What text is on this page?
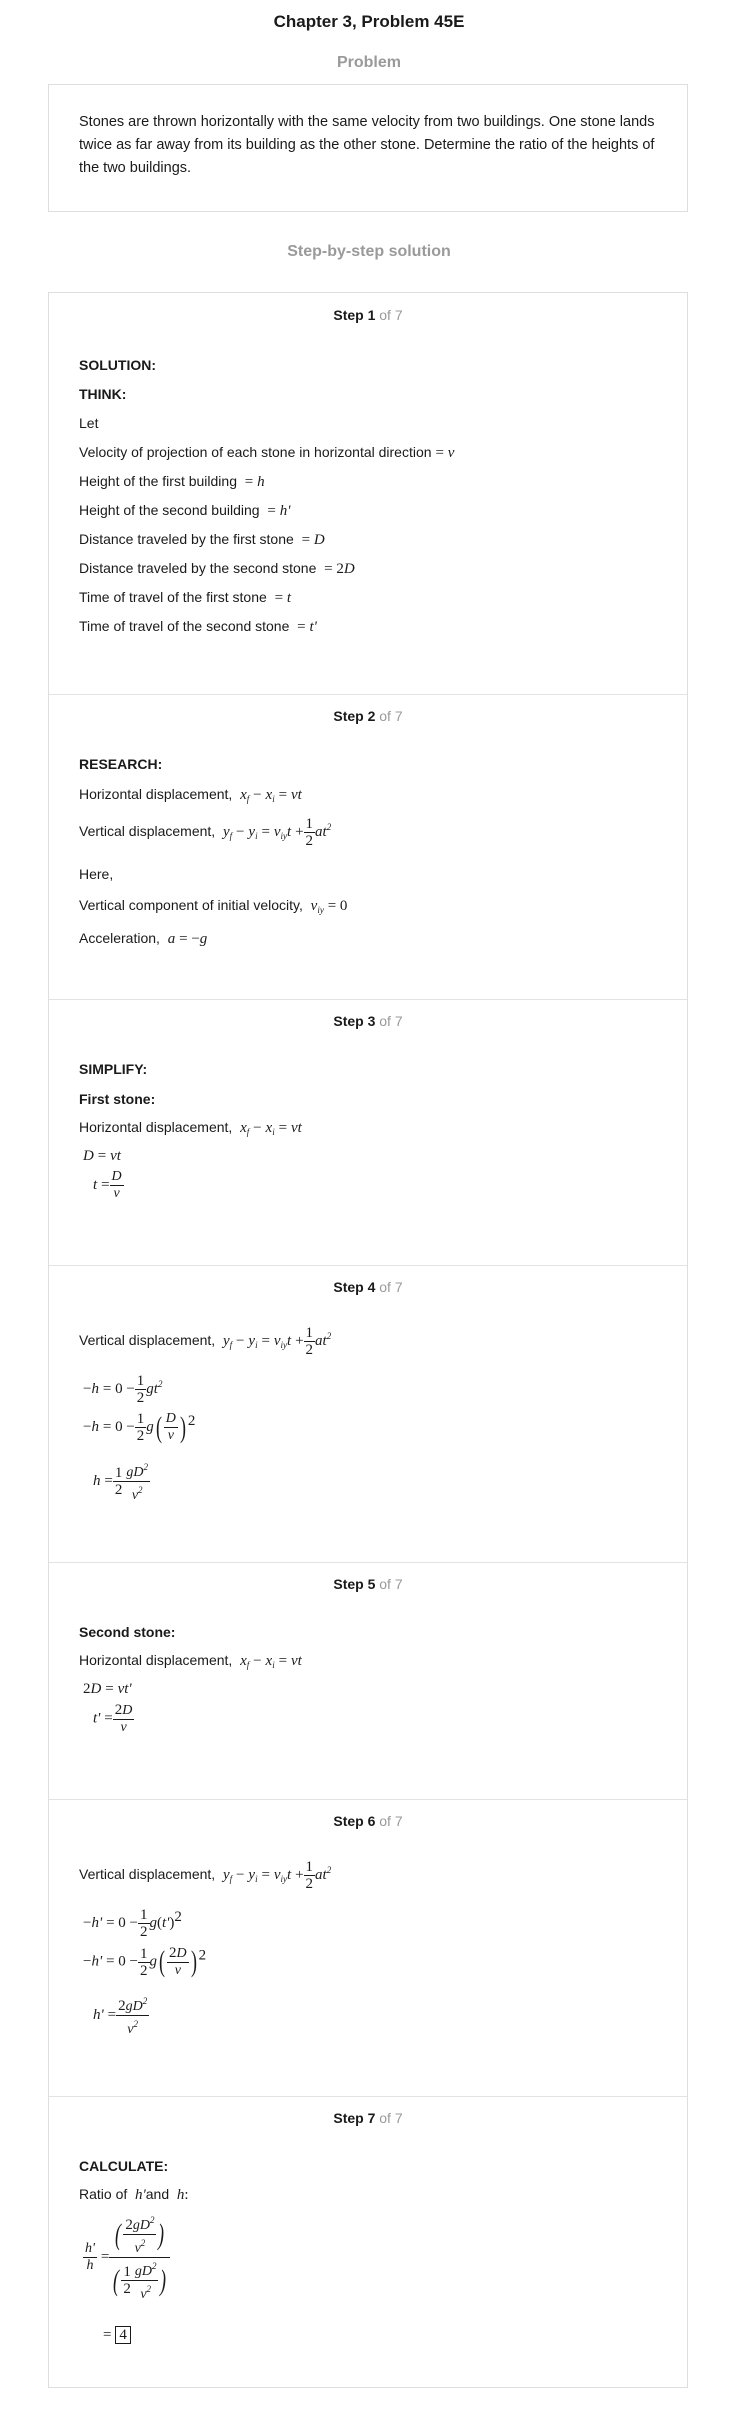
Chapter 3, Problem 45E
Problem
Stones are thrown horizontally with the same velocity from two buildings. One stone lands twice as far away from its building as the other stone. Determine the ratio of the heights of the two buildings.
Step-by-step solution
Step 1 of 7
SOLUTION:
THINK:
Let
Velocity of projection of each stone in horizontal direction = v
Height of the first building = h
Height of the second building = h'
Distance traveled by the first stone = D
Distance traveled by the second stone = 2D
Time of travel of the first stone = t
Time of travel of the second stone = t'
Step 2 of 7
RESEARCH:
Horizontal displacement, $x_f - x_i$ = vt
Vertical displacement, $y_f - y_i = v_{iy}t + \frac{1}{2} at^2$
Here,
Vertical component of initial velocity, $v_{iy} = 0$
Acceleration, a = −g
Step 3 of 7
SIMPLIFY:
First stone:
Horizontal displacement, $x_f - x_i$ = vt
D = vt
$t = \frac{D}{v}$
Step 4 of 7
Vertical displacement, $y_f - y_i = v_{iy}t + \frac{1}{2} at^2$
$-h = 0 - \frac{1}{2} gt^2$
$-h = 0 - \frac{1}{2} g( \frac{D}{v}$ ) $^2$
$h = \frac{1}{2} \frac{gD^2}{v^2}$
Step 5 of 7
Second stone:
Horizontal displacement, $x_f - x_i$ = vt
2D = vt'
$t' = \frac{2D}{v}$
Step 6 of 7
Vertical displacement, $y_f - y_i = v_{iy}t + \frac{1}{2} at^2$
$-h' = 0 - \frac{1}{2} g(t')^2$
$-h' = 0 - \frac{1}{2} g( \frac{2D}{v}$ ) $^2$
$h' = \frac{2gD^2}{v^2}$
Step 7 of 7
CALCULATE:
Ratio of h'and h:
$\frac{h'}{h} = \frac{( \frac{2gD^2}{v^2} )}{( \frac{1}{2} \frac{gD^2}{v^2} )}$
= 4
